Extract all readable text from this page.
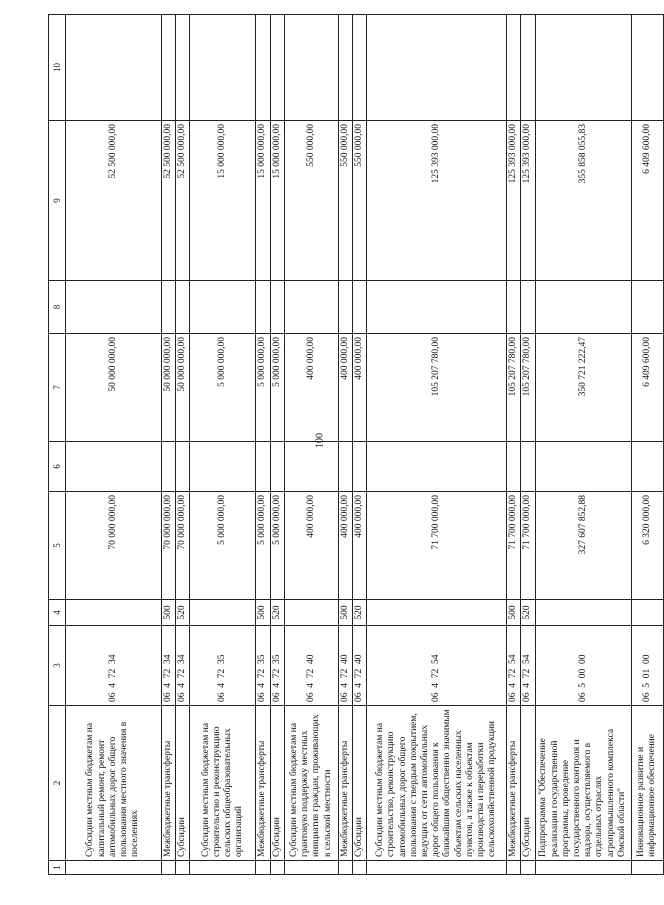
100
1	2	3	4	5	6	7	8	9	10
	Субсидии местным бюджетам на капитальный ремонт, ремонт автомобильных дорог общего пользования местного значения в поселениях	06  4  72  34		70 000 000,00		50 000 000,00		52 500 000,00	
	Межбюджетные трансферты	06  4  72  34	500	70 000 000,00		50 000 000,00		52 500 000,00	
	Субсидии	06  4  72  34	520	70 000 000,00		50 000 000,00		52 500 000,00	
	Субсидии местным бюджетам на строительство и реконструкцию сельских общеобразовательных организаций	06  4  72  35		5 000 000,00		5 000 000,00		15 000 000,00	
	Межбюджетные трансферты	06  4  72  35	500	5 000 000,00		5 000 000,00		15 000 000,00	
	Субсидии	06  4  72  35	520	5 000 000,00		5 000 000,00		15 000 000,00	
	Субсидии местным бюджетам на грантовую поддержку местных инициатив граждан, проживающих в сельской местности	06  4  72  40		400 000,00		400 000,00		550 000,00	
	Межбюджетные трансферты	06  4  72  40	500	400 000,00		400 000,00		550 000,00	
	Субсидии	06  4  72  40	520	400 000,00		400 000,00		550 000,00	
	Субсидии местным бюджетам на строительство, реконструкцию автомобильных дорог общего пользования с твердым покрытием, ведущих от сети автомобильных дорог общего пользования к ближайшим общественно значимым объектам сельских населенных пунктов, а также к объектам производства и переработки сельскохозяйственной продукции	06  4  72  54		71 700 000,00		105 207 780,00		125 393 000,00	
	Межбюджетные трансферты	06  4  72  54	500	71 700 000,00		105 207 780,00		125 393 000,00	
	Субсидии	06  4  72  54	520	71 700 000,00		105 207 780,00		125 393 000,00	
	Подпрограмма "Обеспечение реализации государственной программы, проведение государственного контроля и надзора, осуществляемого в отдельных отраслях агропромышленного комплекса Омской области"	06  5  00  00		327 607 852,88		350 721 222,47		355 858 055,83	
	Инновационное развитие и информационное обеспечение	06  5  01  00		6 320 000,00		6 409 600,00		6 409 600,00	
